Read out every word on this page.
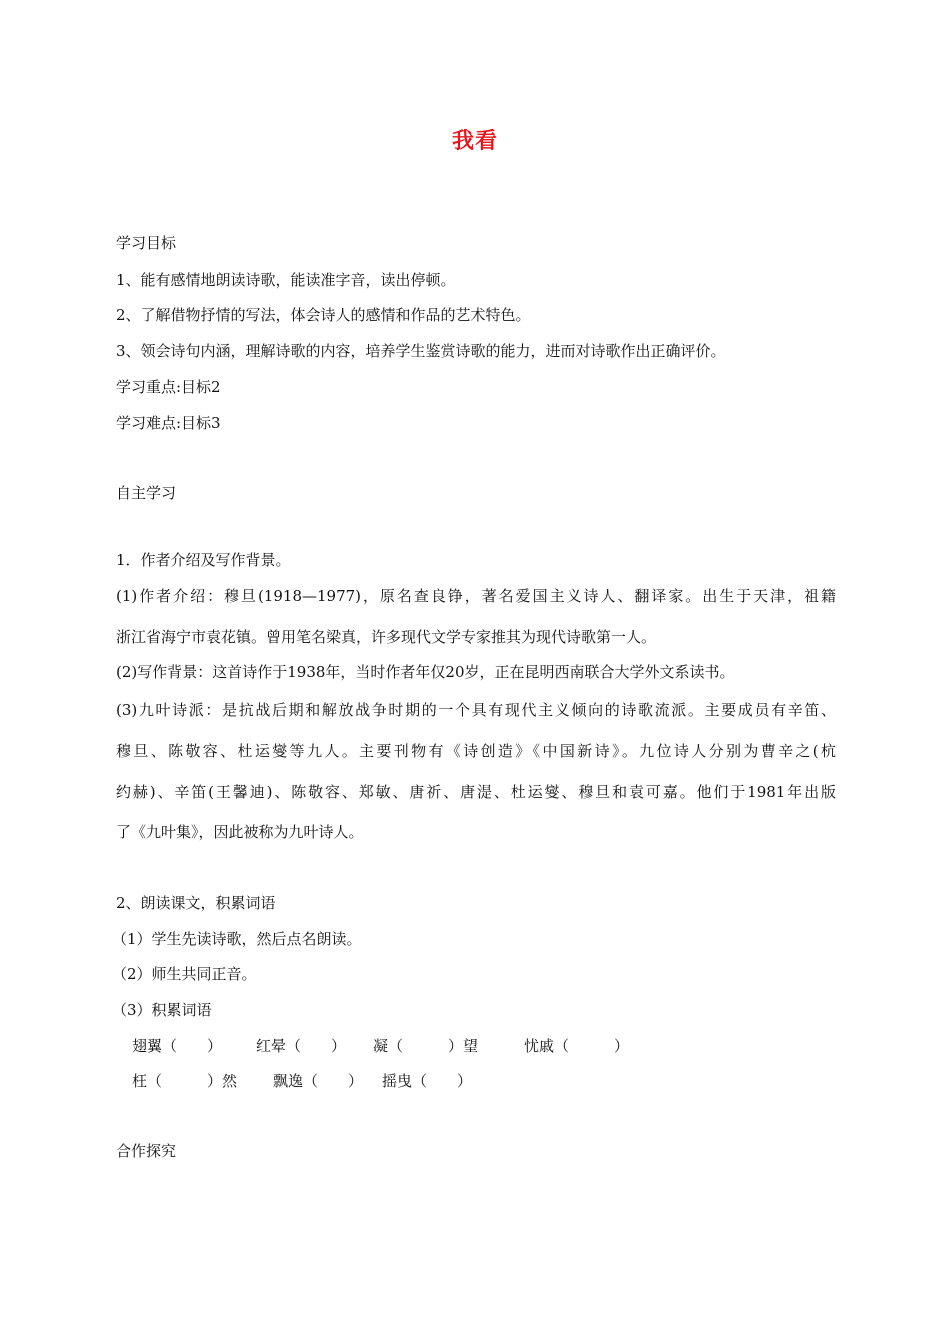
我看
学习目标
1、能有感情地朗读诗歌，能读准字音，读出停顿。
2、了解借物抒情的写法，体会诗人的感情和作品的艺术特色。
3、领会诗句内涵，理解诗歌的内容，培养学生鉴赏诗歌的能力，进而对诗歌作出正确评价。
学习重点:目标2
学习难点:目标3
自主学习
1．作者介绍及写作背景。
(1)作者介绍：穆旦(1918—1977)，原名查良铮，著名爱国主义诗人、翻译家。出生于天津，祖籍
浙江省海宁市袁花镇。曾用笔名梁真，许多现代文学专家推其为现代诗歌第一人。
(2)写作背景：这首诗作于1938年，当时作者年仅20岁，正在昆明西南联合大学外文系读书。
(3)九叶诗派：是抗战后期和解放战争时期的一个具有现代主义倾向的诗歌流派。主要成员有辛笛、
穆旦、陈敬容、杜运燮等九人。主要刊物有《诗创造》《中国新诗》。九位诗人分别为曹辛之(杭
约赫)、辛笛(王馨迪)、陈敬容、郑敏、唐祈、唐湜、杜运燮、穆旦和袁可嘉。他们于1981年出版
了《九叶集》，因此被称为九叶诗人。
2、朗读课文，积累词语
（1）学生先读诗歌，然后点名朗读。
（2）师生共同正音。
（3）积累词语
翅翼（　　） 红晕（　　） 凝（　　　）望	忧戚（　　　）
枉（　　　）然 飘逸（　　） 摇曳（　　）
合作探究
